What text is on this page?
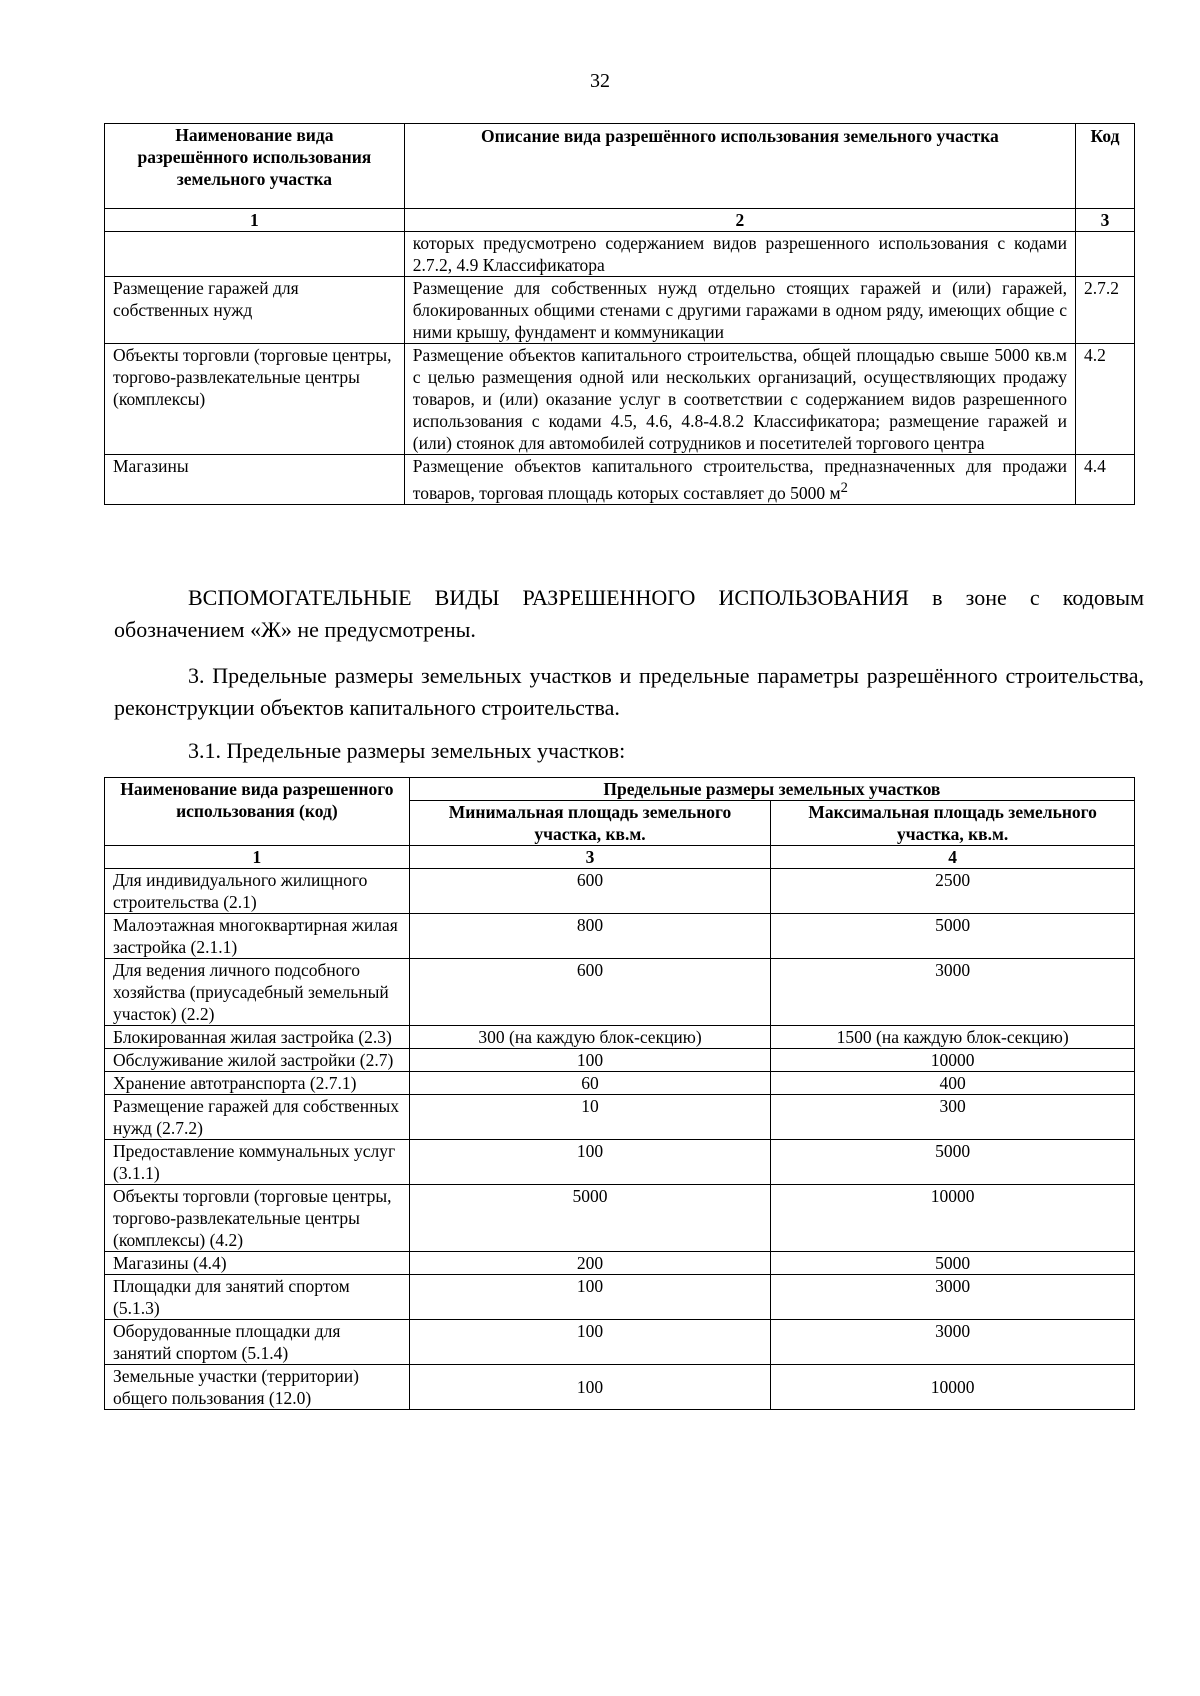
32
Наименование вида разрешённого использования земельного участка	Описание вида разрешённого использования земельного участка	Код
1	2	3
	которых предусмотрено содержанием видов разрешенного использования с кодами 2.7.2, 4.9 Классификатора	
Размещение гаражей для собственных нужд	Размещение для собственных нужд отдельно стоящих гаражей и (или) гаражей, блокированных общими стенами с другими гаражами в одном ряду, имеющих общие с ними крышу, фундамент и коммуникации	2.7.2
Объекты торговли (торговые центры, торгово-развлекательные центры (комплексы)	Размещение объектов капитального строительства, общей площадью свыше 5000 кв.м с целью размещения одной или нескольких организаций, осуществляющих продажу товаров, и (или) оказание услуг в соответствии с содержанием видов разрешенного использования с кодами 4.5, 4.6, 4.8-4.8.2 Классификатора; размещение гаражей и (или) стоянок для автомобилей сотрудников и посетителей торгового центра	4.2
Магазины	Размещение объектов капитального строительства, предназначенных для продажи товаров, торговая площадь которых составляет до 5000 $м^2$	4.4

ВСПОМОГАТЕЛЬНЫЕ ВИДЫ РАЗРЕШЕННОГО ИСПОЛЬЗОВАНИЯ в зоне с кодовым обозначением «Ж» не предусмотрены.

3. Предельные размеры земельных участков и предельные параметры разрешённого строительства, реконструкции объектов капитального строительства.

3.1. Предельные размеры земельных участков:

Наименование вида разрешенного использования (код)	Предельные размеры земельных участков	
	Минимальная площадь земельного участка, кв.м.	Максимальная площадь земельного участка, кв.м.
1	3	4
Для индивидуального жилищного строительства (2.1)	600	2500
Малоэтажная многоквартирная жилая застройка (2.1.1)	800	5000
Для ведения личного подсобного хозяйства (приусадебный земельный участок) (2.2)	600	3000
Блокированная жилая застройка (2.3)	300 (на каждую блок-секцию)	1500 (на каждую блок-секцию)
Обслуживание жилой застройки (2.7)	100	10000
Хранение автотранспорта (2.7.1)	60	400
Размещение гаражей для собственных нужд (2.7.2)	10	300
Предоставление коммунальных услуг (3.1.1)	100	5000
Объекты торговли (торговые центры, торгово-развлекательные центры (комплексы) (4.2)	5000	10000
Магазины (4.4)	200	5000
Площадки для занятий спортом (5.1.3)	100	3000
Оборудованные площадки для занятий спортом (5.1.4)	100	3000
Земельные участки (территории) общего пользования (12.0)	100	10000
